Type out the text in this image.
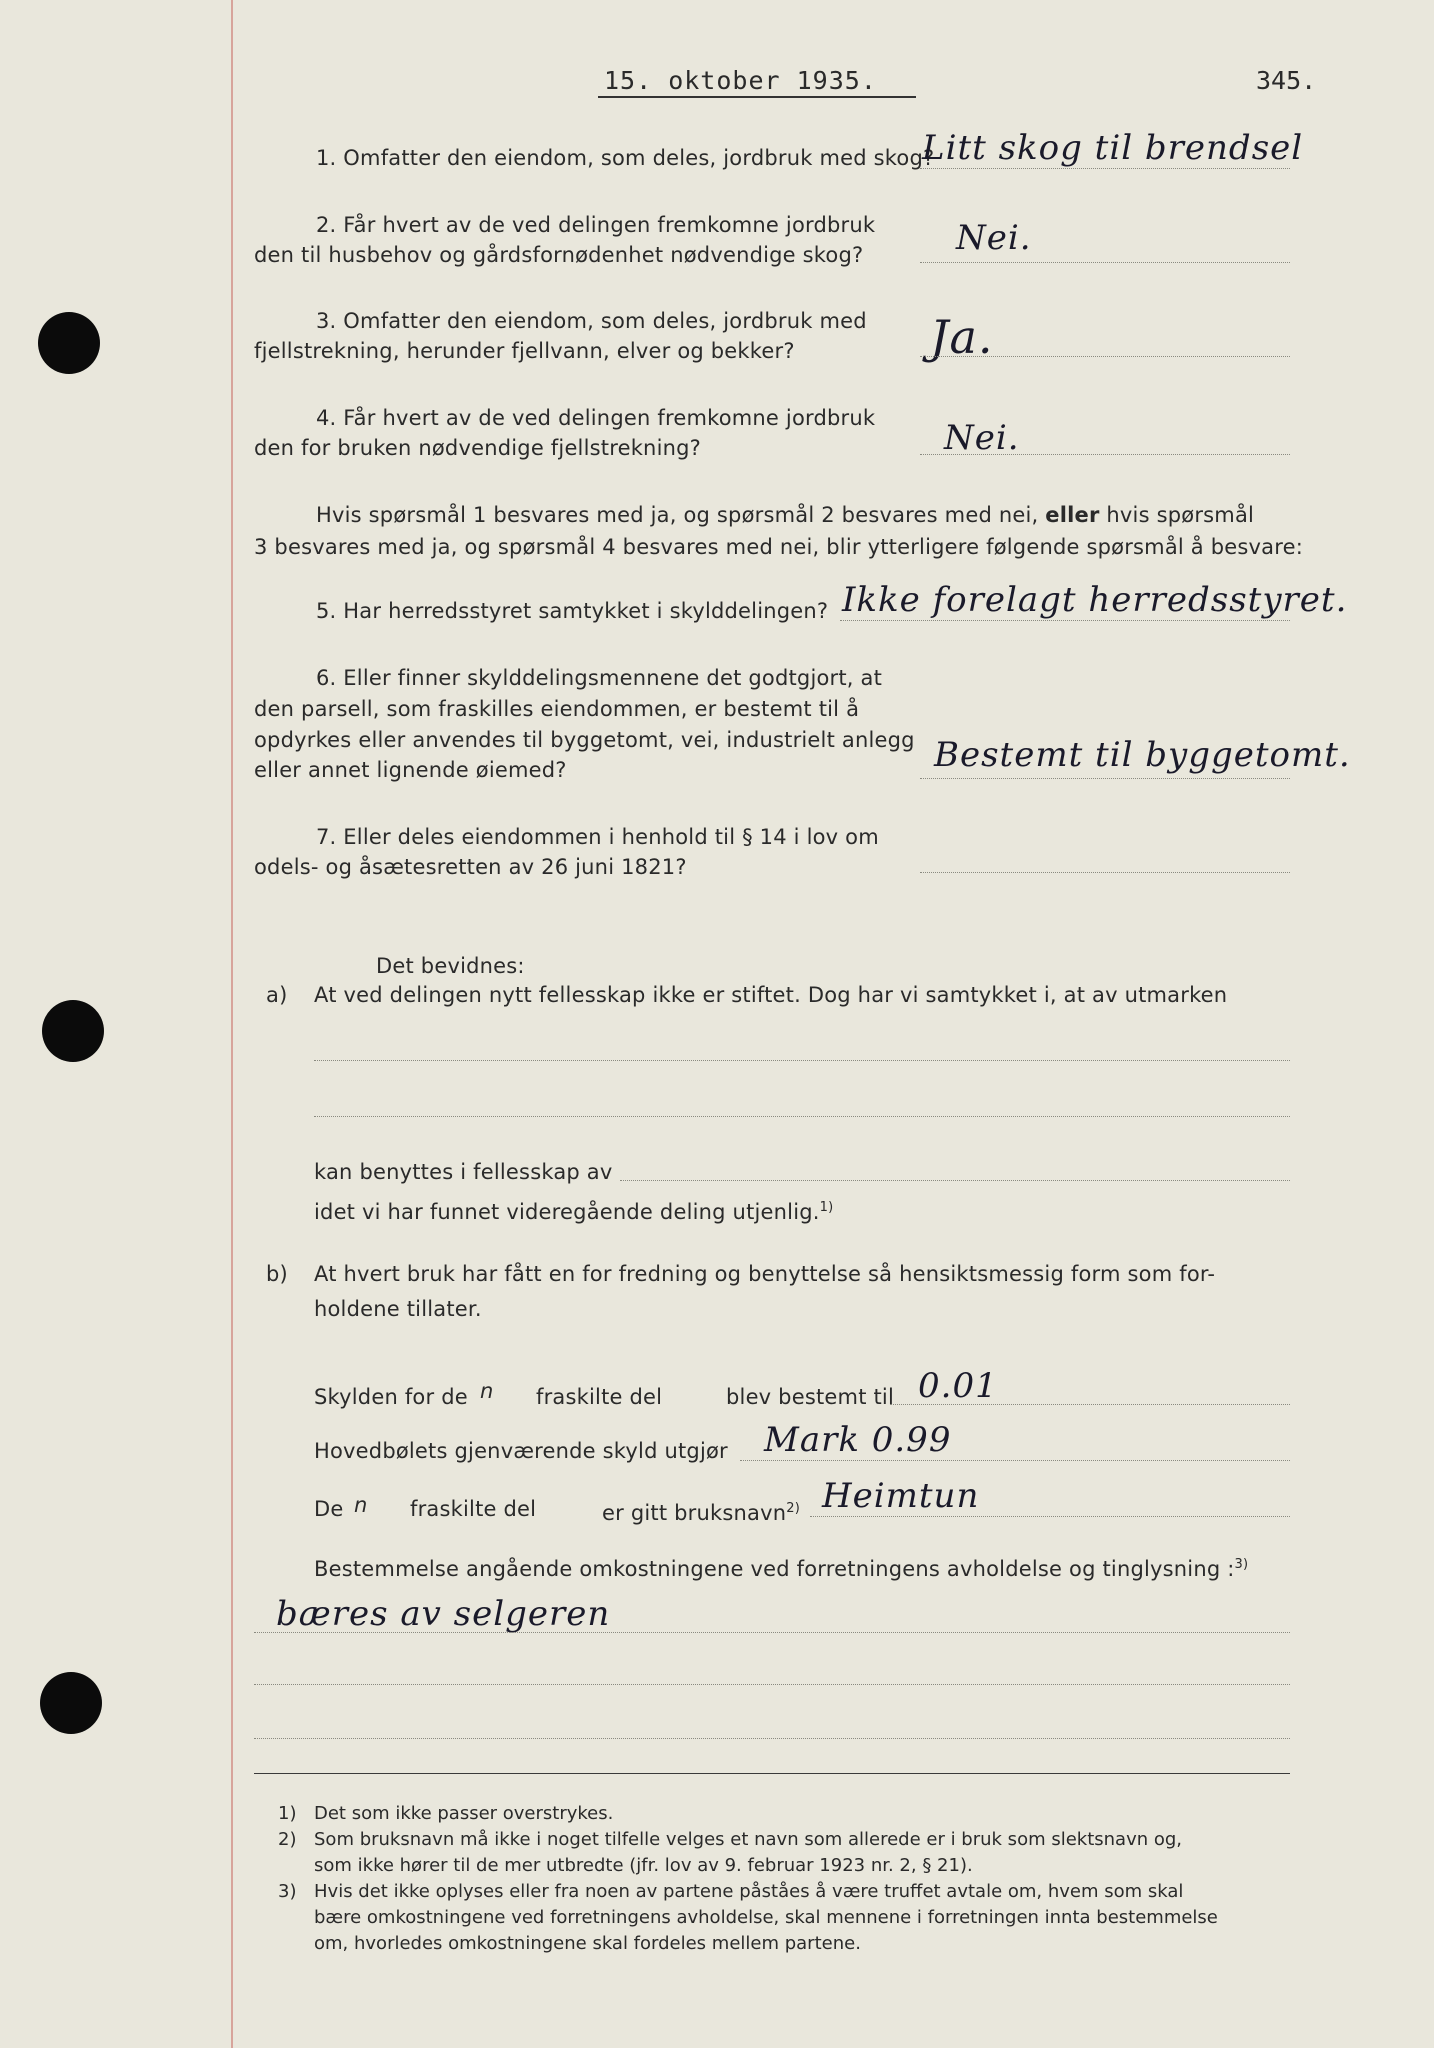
15. oktober 1935.	345.
1. Omfatter den eiendom, som deles, jordbruk med skog?
Litt skog til brendsel
2. Får hvert av de ved delingen fremkomne jordbruk
den til husbehov og gårdsfornødenhet nødvendige skog?	Nei.
3. Omfatter den eiendom, som deles, jordbruk med
fjellstrekning, herunder fjellvann, elver og bekker?	Ja.
4. Får hvert av de ved delingen fremkomne jordbruk
den for bruken nødvendige fjellstrekning?	Nei.
Hvis spørsmål 1 besvares med ja, og spørsmål 2 besvares med nei, eller hvis spørsmål
3 besvares med ja, og spørsmål 4 besvares med nei, blir ytterligere følgende spørsmål å besvare:
5. Har herredsstyret samtykket i skylddelingen? Ikke forelagt herredsstyret.
6. Eller finner skylddelingsmennene det godtgjort, at
den parsell, som fraskilles eiendommen, er bestemt til å
opdyrkes eller anvendes til byggetomt, vei, industrielt anlegg
eller annet lignende øiemed?	Bestemt til byggetomt.
7. Eller deles eiendommen i henhold til § 14 i lov om
odels- og åsætesretten av 26 juni 1821?
Det bevidnes:
a) At ved delingen nytt fellesskap ikke er stiftet. Dog har vi samtykket i, at av utmarken
kan benyttes i fellesskap av
idet vi har funnet videregående deling utjenlig.$^{1)}$
b) At hvert bruk har fått en for fredning og benyttelse så hensiktsmessig form som for-
holdene tillater.
Skylden for de n fraskilte del	blev bestemt til 0.01
Hovedbølets gjenværende skyld utgjør Mark 0.99
De n fraskilte del	er gitt bruksnavn$^{2)}$ Heimtun
Bestemmelse angående omkostningene ved forretningens avholdelse og tinglysning :$^{3)}$
bæres av selgeren
1) Det som ikke passer overstrykes.
2) Som bruksnavn må ikke i noget tilfelle velges et navn som allerede er i bruk som slektsnavn og,
som ikke hører til de mer utbredte (jfr. lov av 9. februar 1923 nr. 2, § 21).
3) Hvis det ikke oplyses eller fra noen av partene påståes å være truffet avtale om, hvem som skal
bære omkostningene ved forretningens avholdelse, skal mennene i forretningen innta bestemmelse
om, hvorledes omkostningene skal fordeles mellem partene.
